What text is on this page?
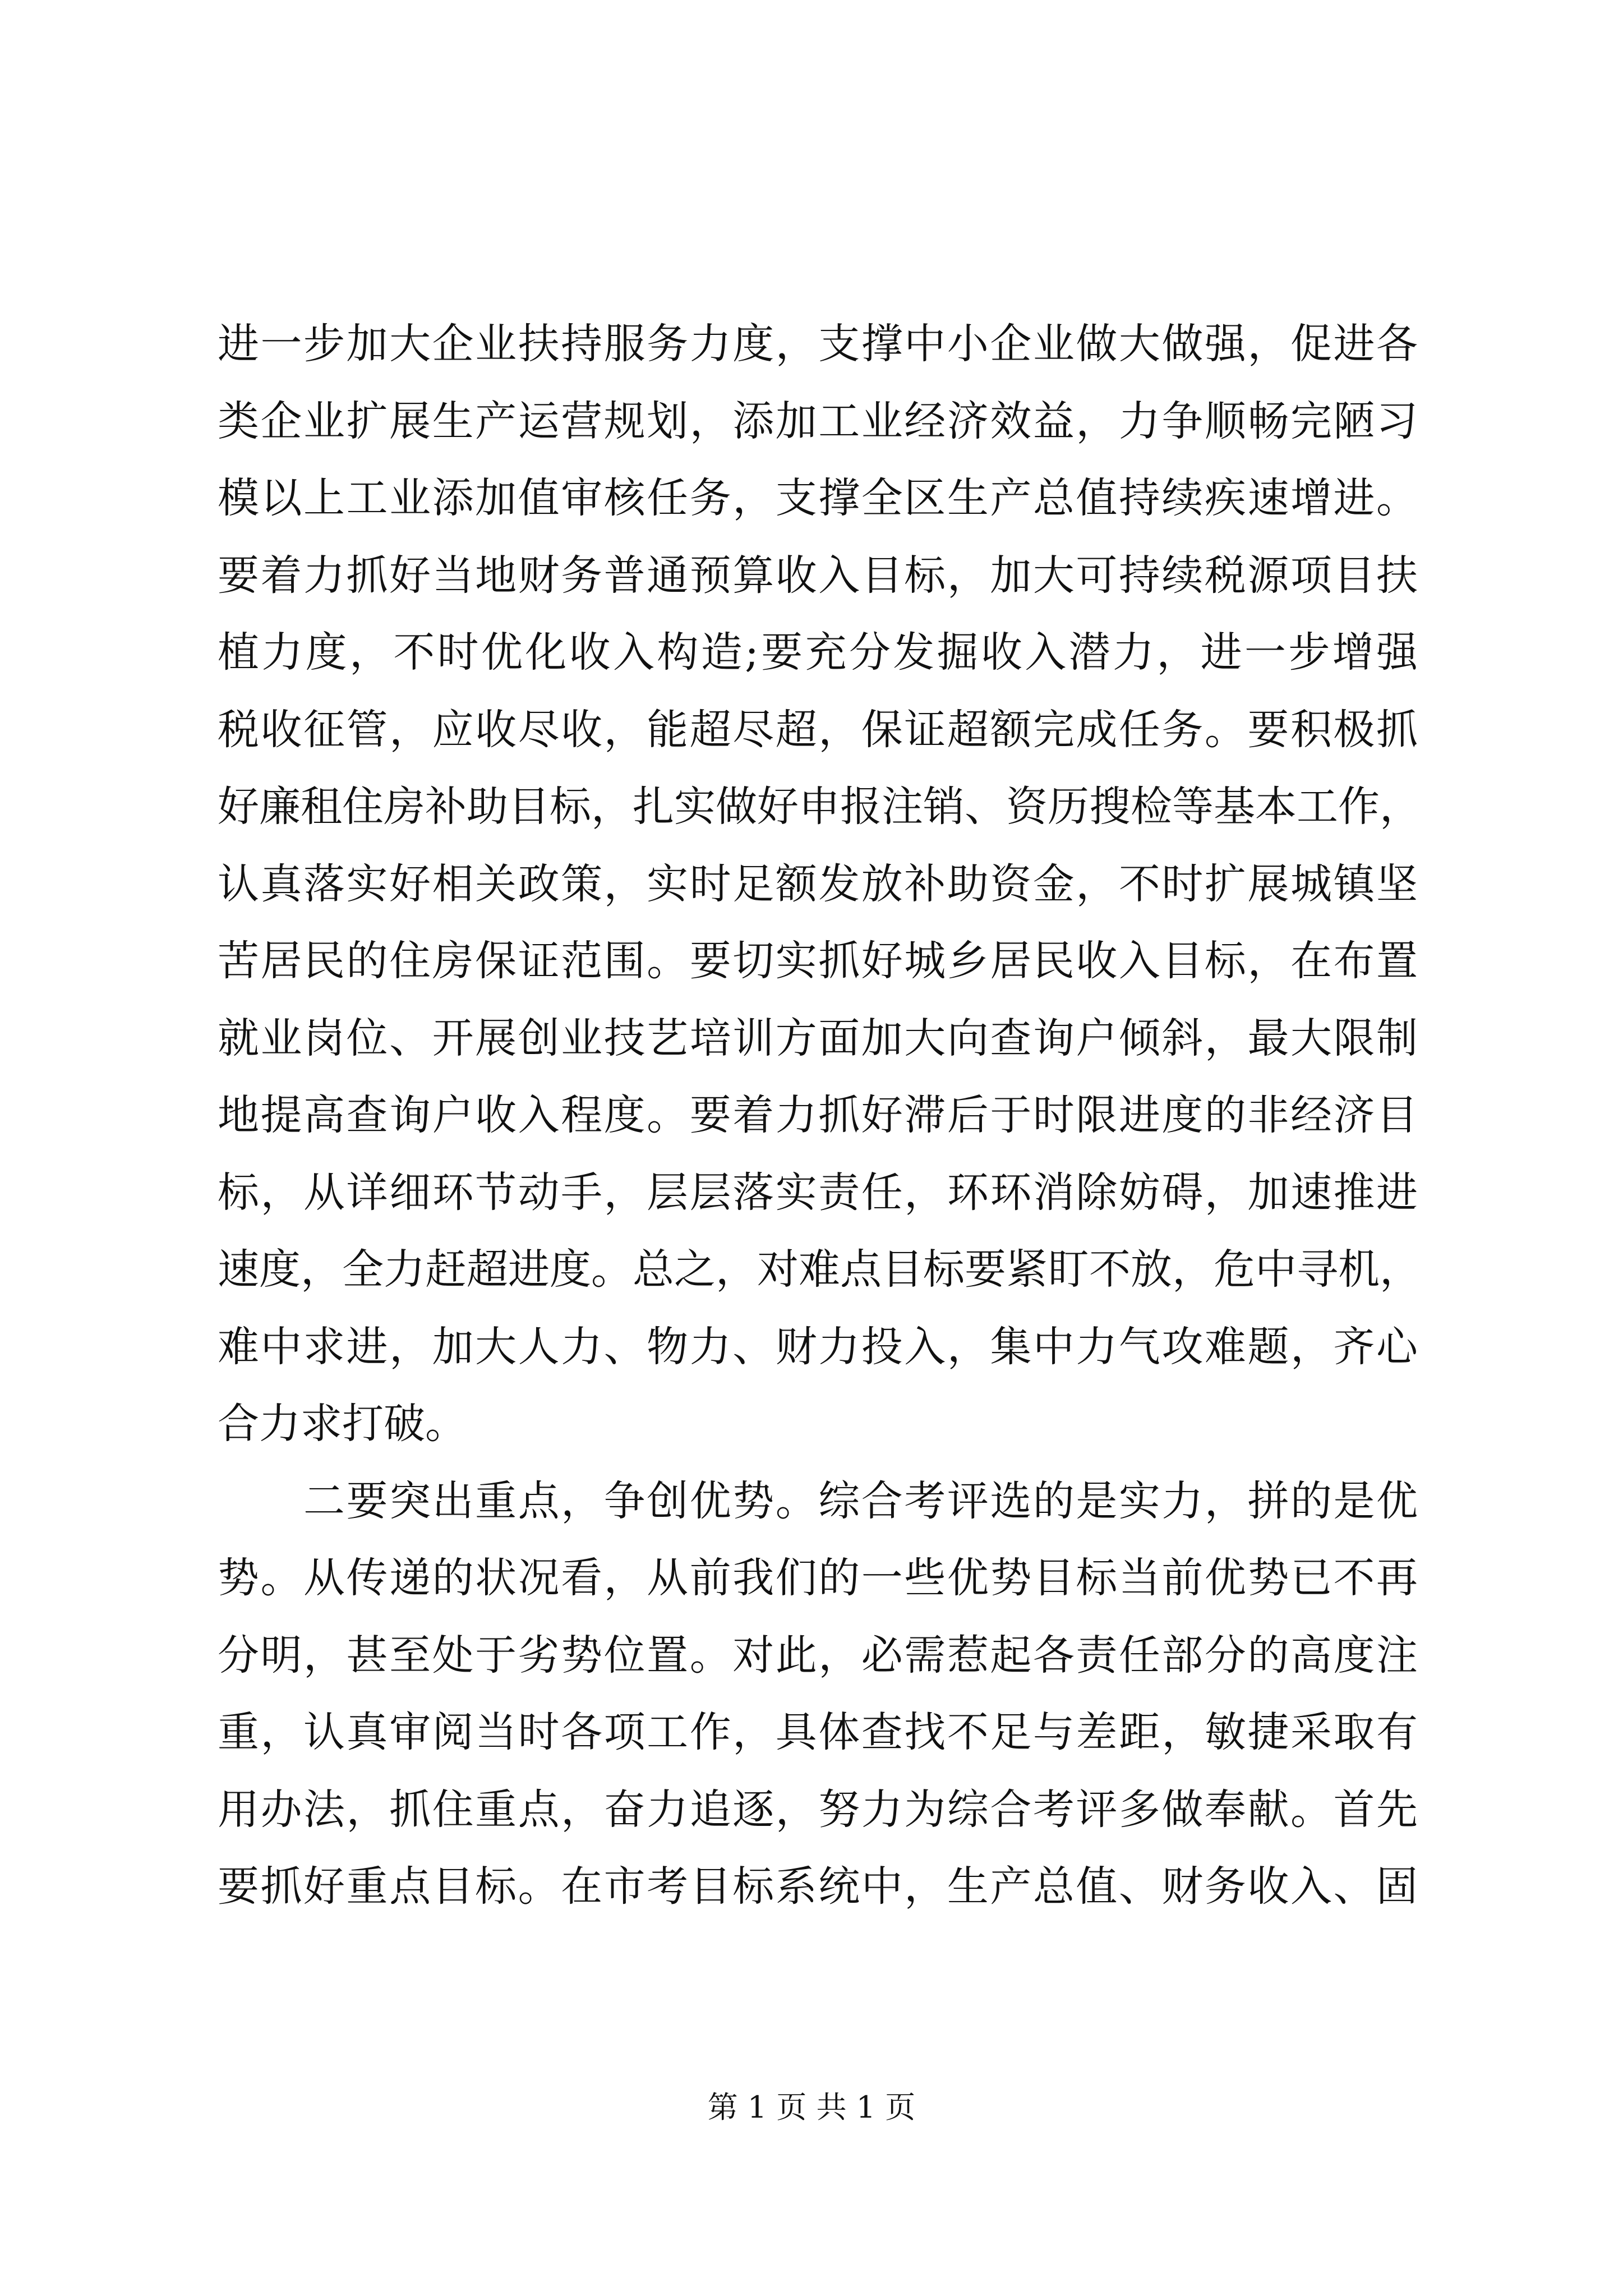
进一步加大企业扶持服务力度，支撑中小企业做大做强，促进各
类企业扩展生产运营规划，添加工业经济效益，力争顺畅完陋习
模以上工业添加值审核任务，支撑全区生产总值持续疾速增进。
要着力抓好当地财务普通预算收入目标，加大可持续税源项目扶
植力度，不时优化收入构造;要充分发掘收入潜力，进一步增强
税收征管，应收尽收，能超尽超，保证超额完成任务。要积极抓
好廉租住房补助目标，扎实做好申报注销、资历搜检等基本工作，
认真落实好相关政策，实时足额发放补助资金，不时扩展城镇坚
苦居民的住房保证范围。要切实抓好城乡居民收入目标，在布置
就业岗位、开展创业技艺培训方面加大向查询户倾斜，最大限制
地提高查询户收入程度。要着力抓好滞后于时限进度的非经济目
标，从详细环节动手，层层落实责任，环环消除妨碍，加速推进
速度，全力赶超进度。总之，对难点目标要紧盯不放，危中寻机，
难中求进，加大人力、物力、财力投入，集中力气攻难题，齐心
合力求打破。
　　二要突出重点，争创优势。综合考评选的是实力，拼的是优
势。从传递的状况看，从前我们的一些优势目标当前优势已不再
分明，甚至处于劣势位置。对此，必需惹起各责任部分的高度注
重，认真审阅当时各项工作，具体查找不足与差距，敏捷采取有
用办法，抓住重点，奋力追逐，努力为综合考评多做奉献。首先
要抓好重点目标。在市考目标系统中，生产总值、财务收入、固
第 1 页 共 1 页
